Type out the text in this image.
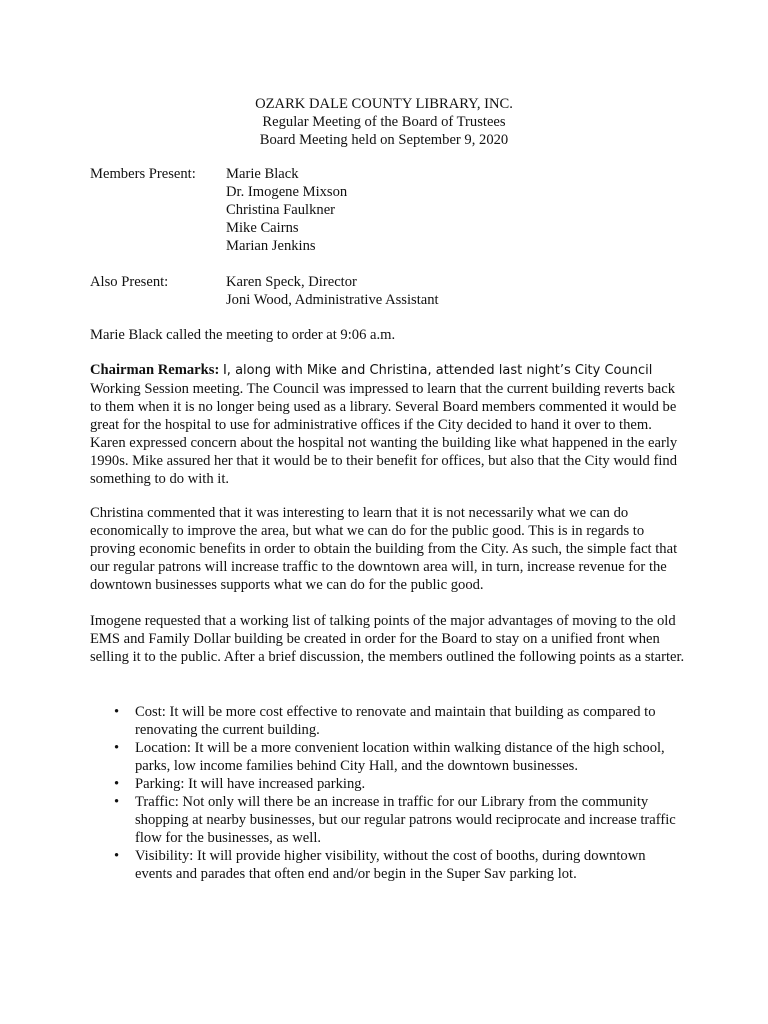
OZARK DALE COUNTY LIBRARY, INC.
Regular Meeting of the Board of Trustees
Board Meeting held on September 9, 2020
Members Present:	Marie Black
Dr. Imogene Mixson
Christina Faulkner
Mike Cairns
Marian Jenkins
Also Present:	Karen Speck, Director
Joni Wood, Administrative Assistant

Marie Black called the meeting to order at 9:06 a.m.

Chairman Remarks: I, along with Mike and Christina, attended last night’s City Council Working Session meeting. The Council was impressed to learn that the current building reverts back to them when it is no longer being used as a library. Several Board members commented it would be great for the hospital to use for administrative offices if the City decided to hand it over to them. Karen expressed concern about the hospital not wanting the building like what happened in the early 1990s. Mike assured her that it would be to their benefit for offices, but also that the City would find something to do with it.

Christina commented that it was interesting to learn that it is not necessarily what we can do economically to improve the area, but what we can do for the public good. This is in regards to proving economic benefits in order to obtain the building from the City. As such, the simple fact that our regular patrons will increase traffic to the downtown area will, in turn, increase revenue for the downtown businesses supports what we can do for the public good.

Imogene requested that a working list of talking points of the major advantages of moving to the old EMS and Family Dollar building be created in order for the Board to stay on a unified front when selling it to the public. After a brief discussion, the members outlined the following points as a starter.

• Cost: It will be more cost effective to renovate and maintain that building as compared to renovating the current building.
• Location: It will be a more convenient location within walking distance of the high school, parks, low income families behind City Hall, and the downtown businesses.
• Parking: It will have increased parking.
• Traffic: Not only will there be an increase in traffic for our Library from the community shopping at nearby businesses, but our regular patrons would reciprocate and increase traffic flow for the businesses, as well.
• Visibility: It will provide higher visibility, without the cost of booths, during downtown events and parades that often end and/or begin in the Super Sav parking lot.
